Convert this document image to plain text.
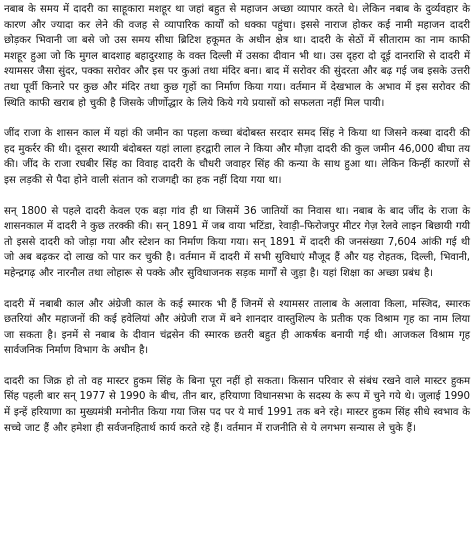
नबाब के समय में दादरी का साहूकारा मशहूर था जहां बहुत से महाजन अच्छा व्यापार करते थे। लेकिन नबाब के दुर्व्यवहार के कारण और ज्यादा कर लेने की वजह से व्यापारिक कार्यों को धक्का पहुंचा। इससे नाराज होकर कई नामी महाजन दादरी छोड़कर भिवानी जा बसे जो उस समय सीधा ब्रिटिश हकूमत के अधीन क्षेत्र था। दादरी के सेठों में सीताराम का नाम काफी मशहूर हुआ जो कि मुगल बादशाह बहादुरशाह के वक्त दिल्ली में उसका दीवान भी था। उस दृहरा दो दूई दानराशि से दादरी में श्यामसर जैसा सुंदर, पक्का सरोवर और इस पर कुआं तथा मंदिर बना। बाद में सरोवर की सुंदरता और बढ़ गई जब इसके उत्तरी तथा पूर्वी किनारे पर कुछ और मंदिर तथा कुछ गृहों का निर्माण किया गया। वर्तमान में देखभाल के अभाव में इस सरोवर की स्थिति काफी खराब हो चुकी है जिसके जीर्णोद्धार के लिये किये गये प्रयासों को सफलता नहीं मिल पायी।

जींद राजा के शासन काल में यहां की जमीन का पहला कच्चा बंदोबस्त सरदार समद सिंह ने किया था जिसने कस्बा दादरी की हद मुकर्रर की थी। दूसरा स्थायी बंदोबस्त यहां लाला हरद्वारी लाल ने किया और मौज़ा दादरी की कुल जमीन 46,000 बीघा तय की। जींद के राजा रघबीर सिंह का विवाह दादरी के चौधरी जवाहर सिंह की कन्या के साथ हुआ था। लेकिन किन्हीं कारणों से इस लड़की से पैदा होने वाली संतान को राजगद्दी का हक नहीं दिया गया था।

सन् 1800 से पहले दादरी केवल एक बड़ा गांव ही था जिसमें 36 जातियों का निवास था। नबाब के बाद जींद के राजा के शासनकाल में दादरी ने कुछ तरक्की की। सन् 1891 में जब वाया भटिंडा, रेवाड़ी–फिरोजपुर मीटर गेज़ रेलवे लाइन बिछायी गयी तो इससे दादरी को जोड़ा गया और स्टेशन का निर्माण किया गया। सन् 1891 में दादरी की जनसंख्या 7,604 आंकी गई थी जो अब बढ़कर दो लाख को पार कर चुकी है। वर्तमान में दादरी में सभी सुविधाएं मौजूद हैं और यह रोहतक, दिल्ली, भिवानी, महेन्द्रगढ़ और नारनौल तथा लोहारू से पक्के और सुविधाजनक सड़क मार्गों से जुड़ा है। यहां शिक्षा का अच्छा प्रबंध है।

दादरी में नबाबी काल और अंग्रेजी काल के कई स्मारक भी हैं जिनमें से श्यामसर तालाब के अलावा किला, मस्जिद, स्मारक छतरियां और महाजनों की कई हवेलियां और अंग्रेजी राज में बने शानदार वास्तुशिल्प के प्रतीक एक विश्राम गृह का नाम लिया जा सकता है। इनमें से नबाब के दीवान चंद्रसेन की स्मारक छतरी बहुत ही आकर्षक बनायी गई थी। आजकल विश्राम गृह सार्वजनिक निर्माण विभाग के अधीन है।

दादरी का जिक्र हो तो वह मास्टर हुकम सिंह के बिना पूरा नहीं हो सकता। किसान परिवार से संबंध रखने वाले मास्टर हुकम सिंह पहली बार सन् 1977 से 1990 के बीच, तीन बार, हरियाणा विधानसभा के सदस्य के रूप में चुने गये थे। जुलाई 1990 में इन्हें हरियाणा का मुख्यमंत्री मनोनीत किया गया जिस पद पर ये मार्च 1991 तक बने रहे। मास्टर हुकम सिंह सीधे स्वभाव के सच्चे जाट हैं और हमेशा ही सर्वजनहितार्थ कार्य करते रहे हैं। वर्तमान में राजनीति से ये लगभग सन्यास ले चुके हैं।
